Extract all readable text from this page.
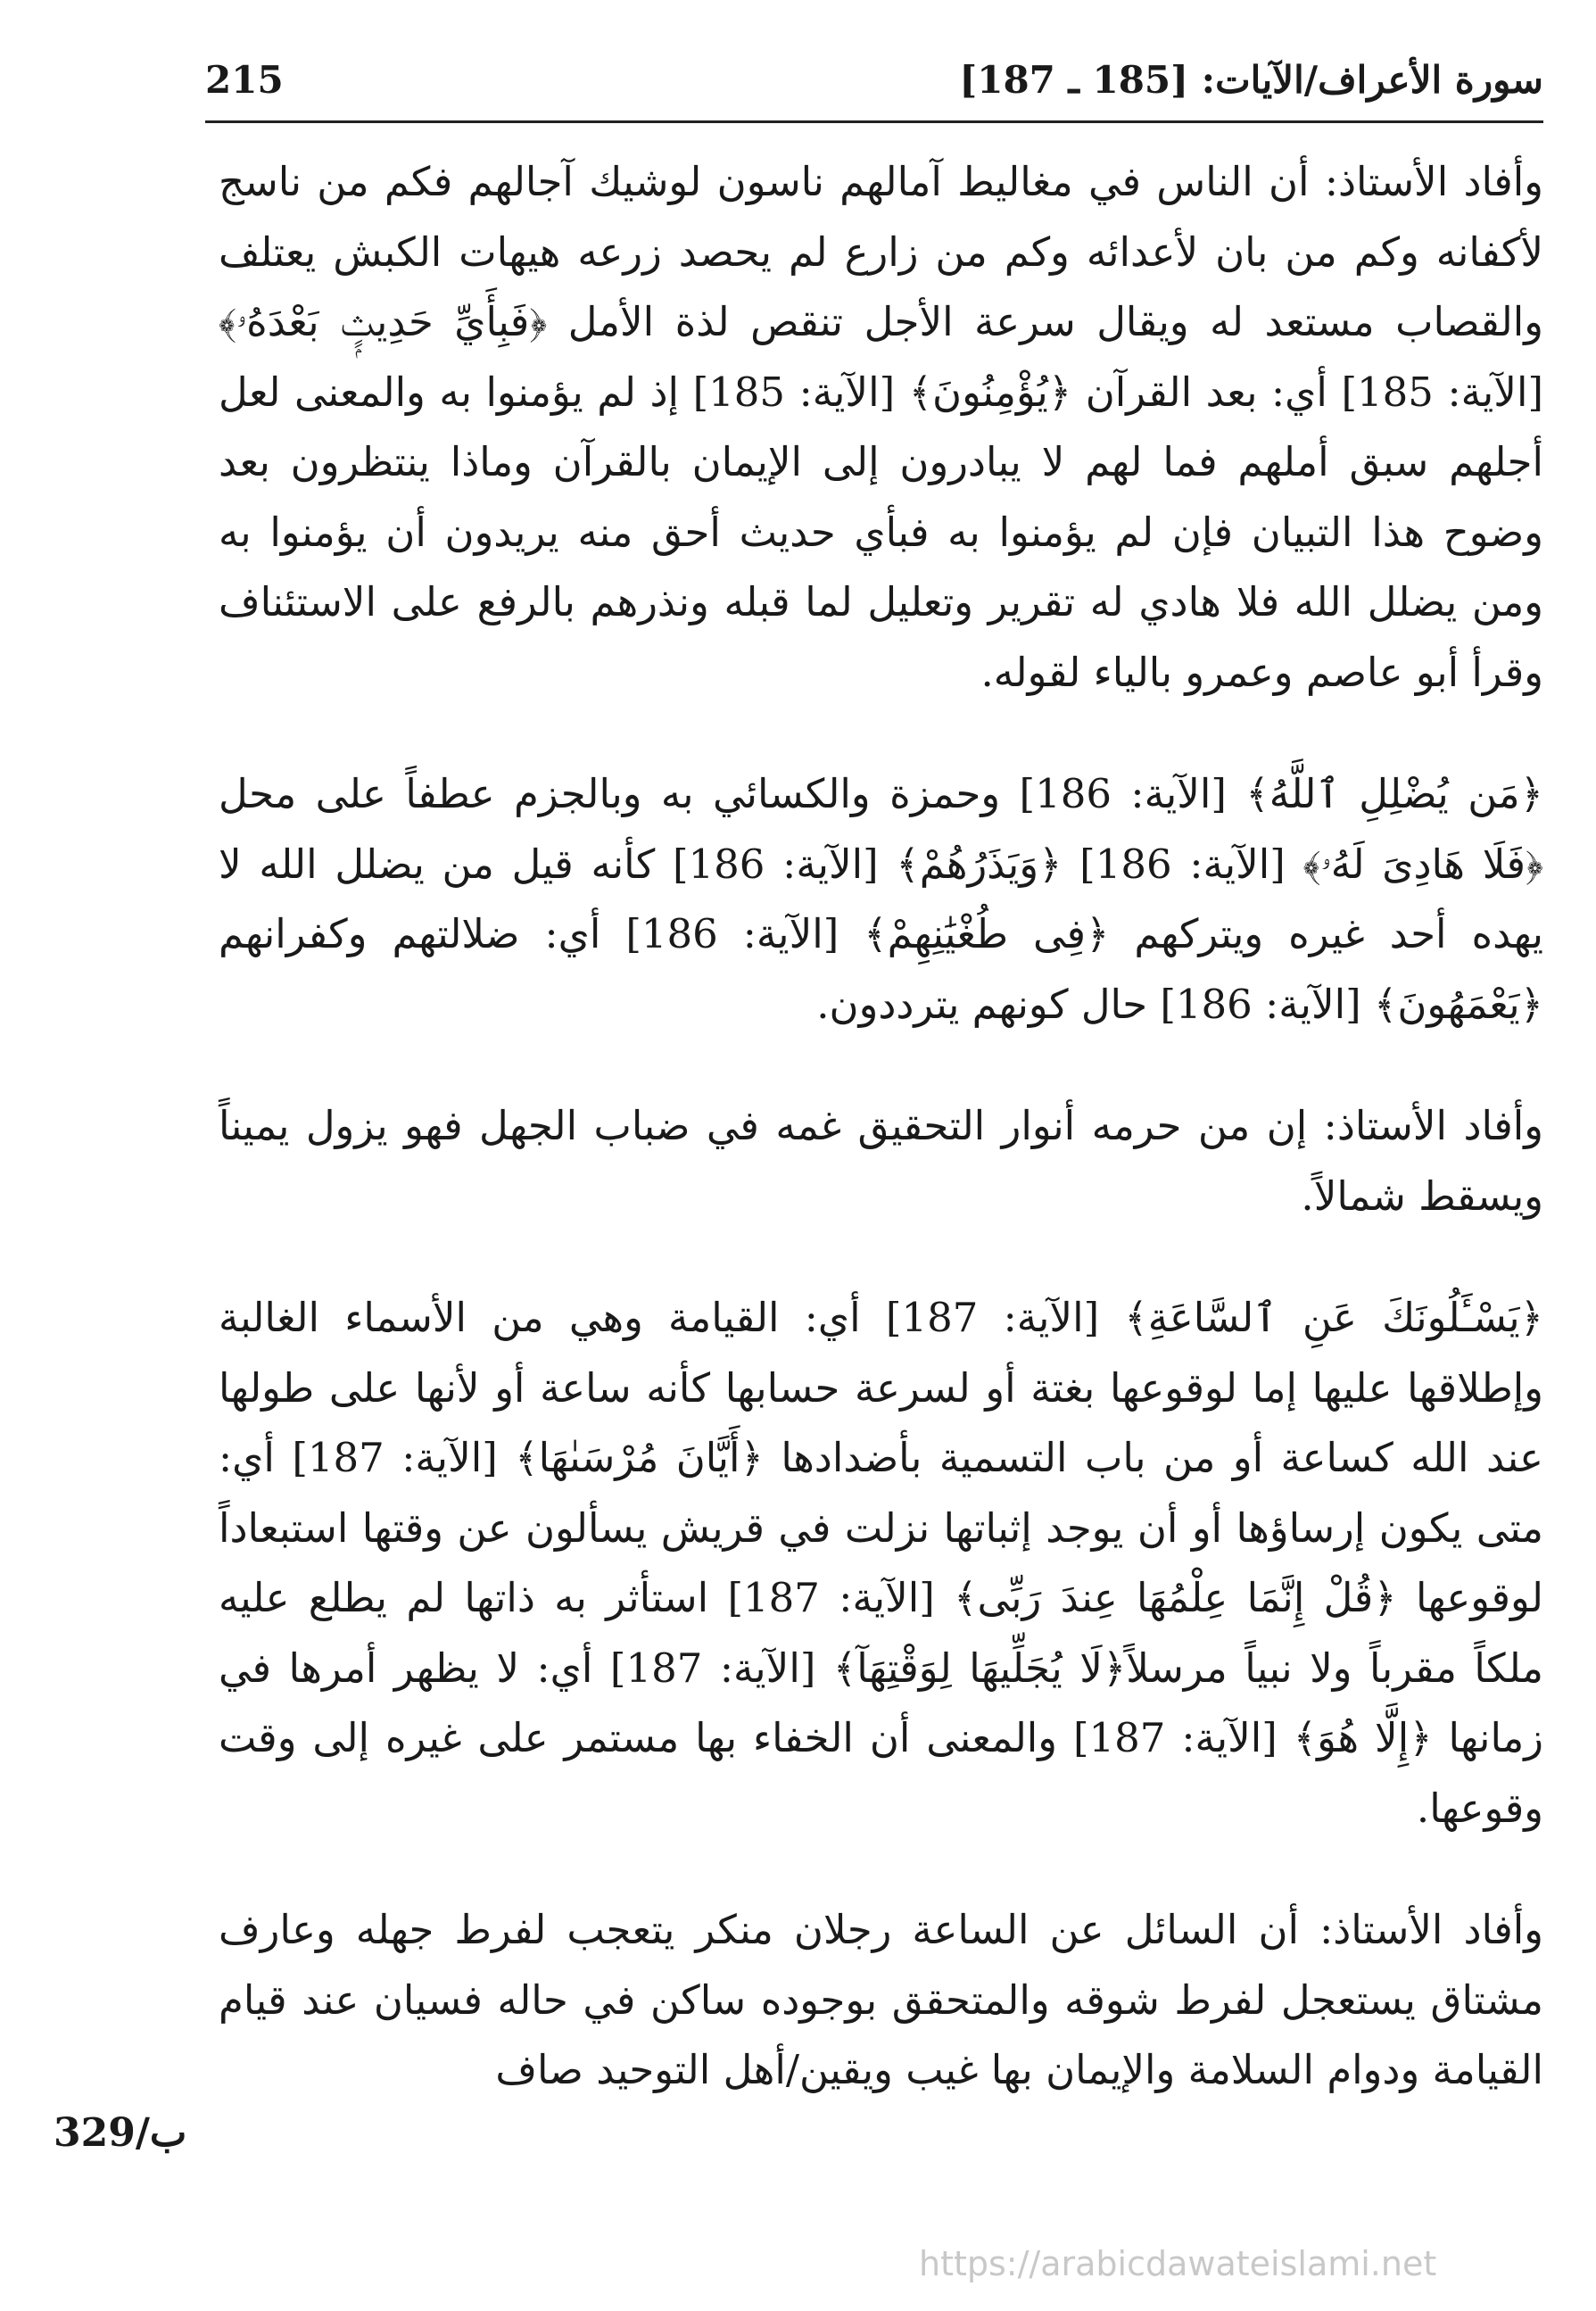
سورة الأعراف/الآيات: [185 ـ 187]
215

وأفاد الأستاذ: أن الناس في مغاليط آمالهم ناسون لوشيك آجالهم فكم من ناسج لأكفانه وكم من بان لأعدائه وكم من زارع لم يحصد زرعه هيهات الكبش يعتلف والقصاب مستعد له ويقال سرعة الأجل تنقص لذة الأمل ﴿فَبِأَيِّ حَدِيثٍۭ بَعْدَهُۥ﴾ [الآية: 185] أي: بعد القرآن ﴿يُؤْمِنُونَ﴾ [الآية: 185] إذ لم يؤمنوا به والمعنى لعل أجلهم سبق أملهم فما لهم لا يبادرون إلى الإيمان بالقرآن وماذا ينتظرون بعد وضوح هذا التبيان فإن لم يؤمنوا به فبأي حديث أحق منه يريدون أن يؤمنوا به ومن يضلل الله فلا هادي له تقرير وتعليل لما قبله ونذرهم بالرفع على الاستئناف وقرأ أبو عاصم وعمرو بالياء لقوله.

﴿مَن يُضْلِلِ ٱللَّهُ﴾ [الآية: 186] وحمزة والكسائي به وبالجزم عطفاً على محل ﴿فَلَا هَادِىَ لَهُۥ﴾ [الآية: 186] ﴿وَيَذَرُهُمْ﴾ [الآية: 186] كأنه قيل من يضلل الله لا يهده أحد غيره ويتركهم ﴿فِى طُغْيَٰنِهِمْ﴾ [الآية: 186] أي: ضلالتهم وكفرانهم ﴿يَعْمَهُونَ﴾ [الآية: 186] حال كونهم يترددون.

وأفاد الأستاذ: إن من حرمه أنوار التحقيق غمه في ضباب الجهل فهو يزول يميناً ويسقط شمالاً.

﴿يَسْـَٔلُونَكَ عَنِ ٱلسَّاعَةِ﴾ [الآية: 187] أي: القيامة وهي من الأسماء الغالبة وإطلاقها عليها إما لوقوعها بغتة أو لسرعة حسابها كأنه ساعة أو لأنها على طولها عند الله كساعة أو من باب التسمية بأضدادها ﴿أَيَّانَ مُرْسَىٰهَا﴾ [الآية: 187] أي: متى يكون إرساؤها أو أن يوجد إثباتها نزلت في قريش يسألون عن وقتها استبعاداً لوقوعها ﴿قُلْ إِنَّمَا عِلْمُهَا عِندَ رَبِّى﴾ [الآية: 187] استأثر به ذاتها لم يطلع عليه ملكاً مقرباً ولا نبياً مرسلاً﴿لَا يُجَلِّيهَا لِوَقْتِهَآ﴾ [الآية: 187] أي: لا يظهر أمرها في زمانها ﴿إِلَّا هُوَ﴾ [الآية: 187] والمعنى أن الخفاء بها مستمر على غيره إلى وقت وقوعها.

وأفاد الأستاذ: أن السائل عن الساعة رجلان منكر يتعجب لفرط جهله وعارف مشتاق يستعجل لفرط شوقه والمتحقق بوجوده ساكن في حاله فسيان عند قيام القيامة ودوام السلامة والإيمان بها غيب ويقين/أهل التوحيد صاف

329/ب
https://arabicdawateislami.net
